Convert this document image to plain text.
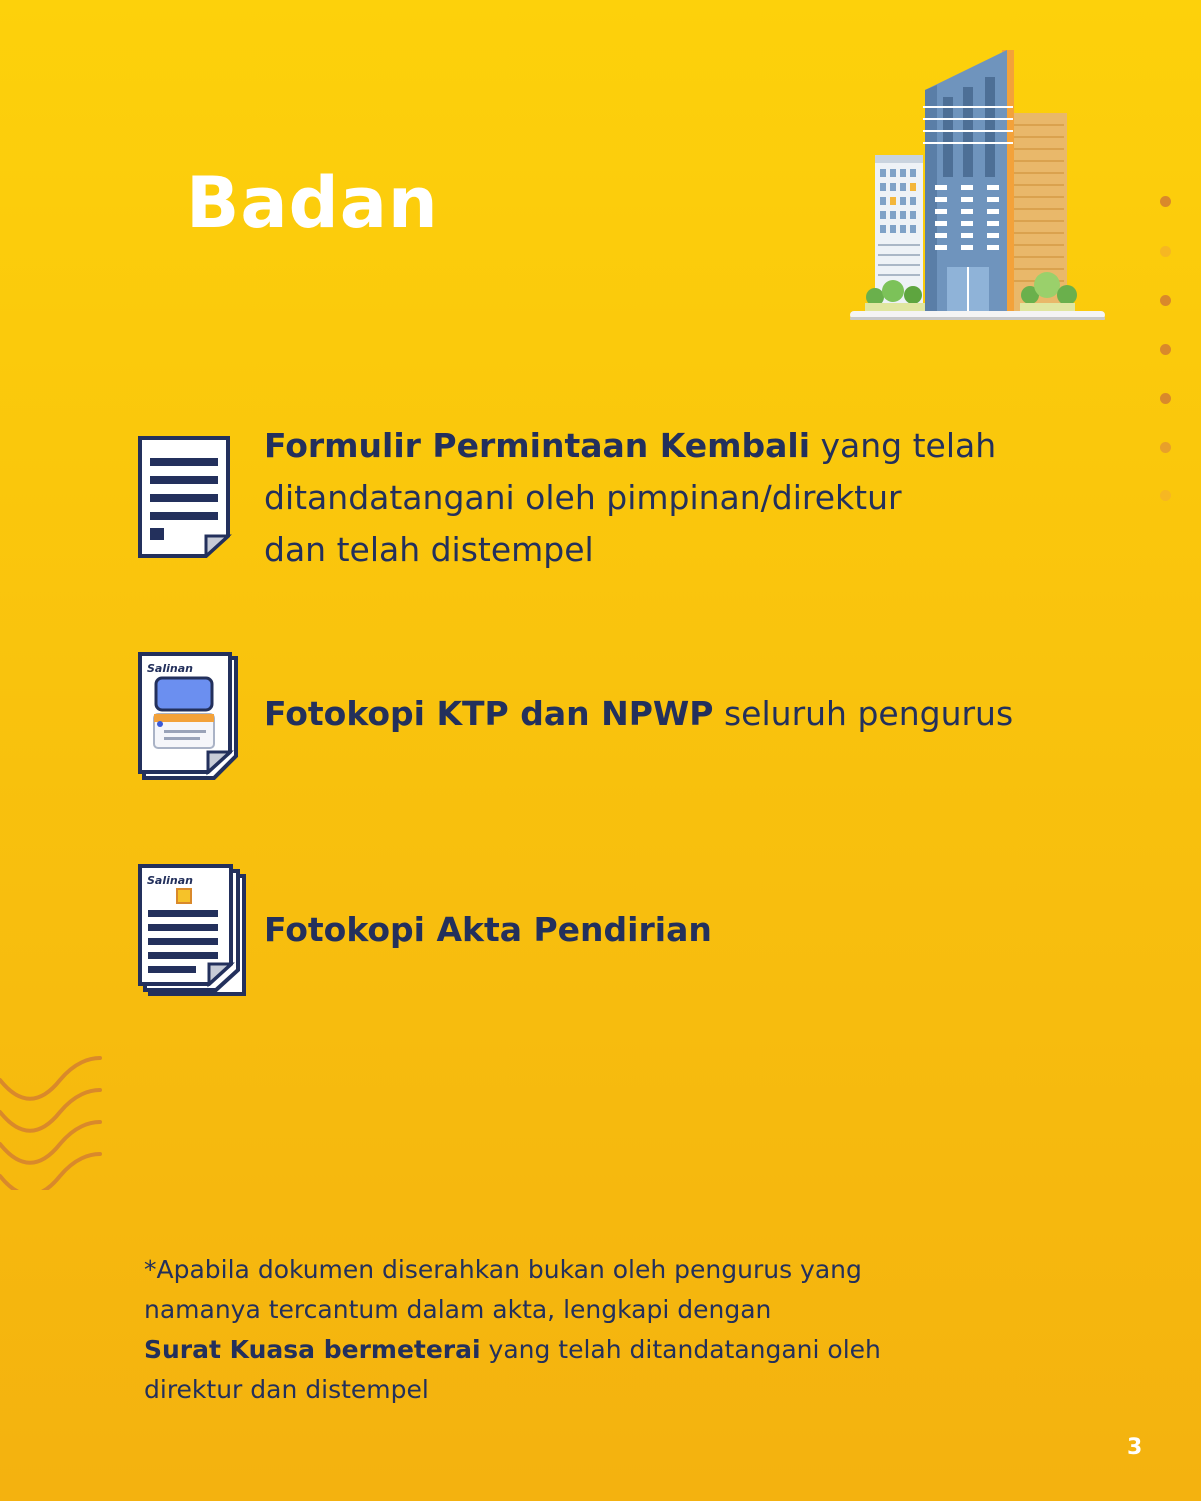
Badan
Formulir Permintaan Kembali yang telah
ditandatangani oleh pimpinan/direktur
dan telah distempel
Salinan
Fotokopi KTP dan NPWP seluruh pengurus
Salinan
Fotokopi Akta Pendirian
*Apabila dokumen diserahkan bukan oleh pengurus yang
namanya tercantum dalam akta, lengkapi dengan
Surat Kuasa bermeterai yang telah ditandatangani oleh
direktur dan distempel
3
